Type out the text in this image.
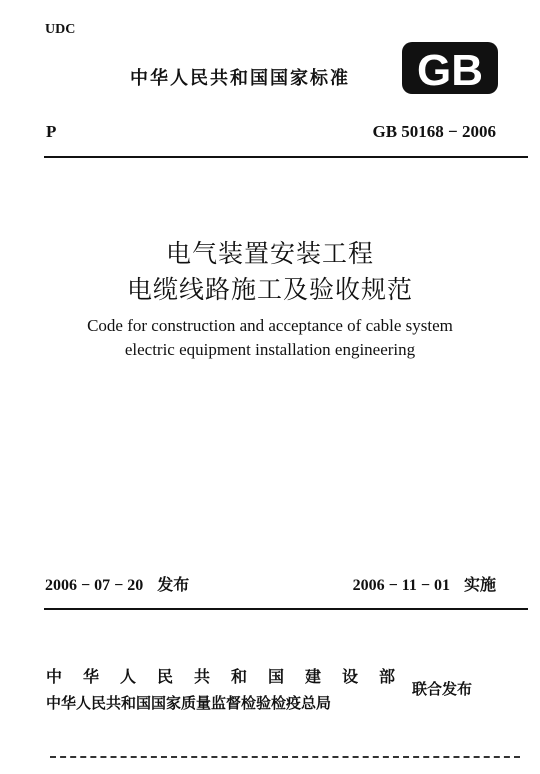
UDC
中华人民共和国国家标准 GB
P	GB 50168 − 2006
电气装置安装工程
电缆线路施工及验收规范
Code for construction and acceptance of cable system
electric equipment installation engineering
2006 − 07 − 20 发布	2006 − 11 − 01 实施
中华人民共和国建设部
中华人民共和国国家质量监督检验检疫总局
联合发布
